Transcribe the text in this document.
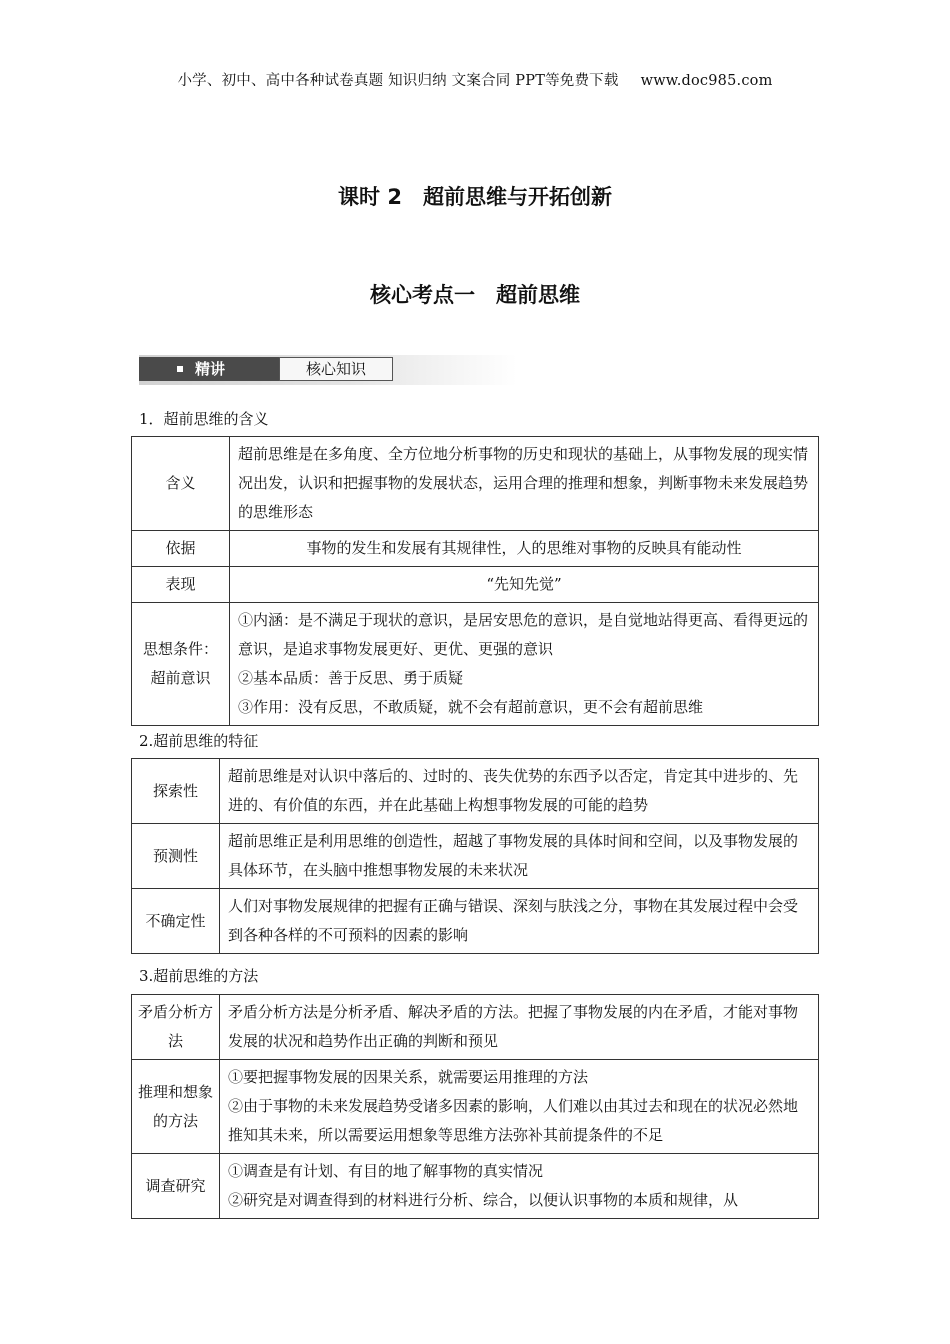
小学、初中、高中各种试卷真题 知识归纳 文案合同 PPT等免费下载 www.doc985.com
课时 2　超前思维与开拓创新
核心考点一　超前思维
精讲	核心知识
1．超前思维的含义
含义	超前思维是在多角度、全方位地分析事物的历史和现状的基础上，从事物发展的现实情况出发，认识和把握事物的发展状态，运用合理的推理和想象，判断事物未来发展趋势的思维形态
依据	事物的发生和发展有其规律性，人的思维对事物的反映具有能动性
表现	“先知先觉”
思想条件：超前意识	①内涵：是不满足于现状的意识，是居安思危的意识，是自觉地站得更高、看得更远的意识，是追求事物发展更好、更优、更强的意识
②基本品质：善于反思、勇于质疑
③作用：没有反思，不敢质疑，就不会有超前意识，更不会有超前思维
2.超前思维的特征
探索性	超前思维是对认识中落后的、过时的、丧失优势的东西予以否定，肯定其中进步的、先进的、有价值的东西，并在此基础上构想事物发展的可能的趋势
预测性	超前思维正是利用思维的创造性，超越了事物发展的具体时间和空间，以及事物发展的具体环节，在头脑中推想事物发展的未来状况
不确定性	人们对事物发展规律的把握有正确与错误、深刻与肤浅之分，事物在其发展过程中会受到各种各样的不可预料的因素的影响
3.超前思维的方法
矛盾分析方法	矛盾分析方法是分析矛盾、解决矛盾的方法。把握了事物发展的内在矛盾，才能对事物发展的状况和趋势作出正确的判断和预见
推理和想象的方法	①要把握事物发展的因果关系，就需要运用推理的方法
②由于事物的未来发展趋势受诸多因素的影响，人们难以由其过去和现在的状况必然地推知其未来，所以需要运用想象等思维方法弥补其前提条件的不足

调查研究	①调查是有计划、有目的地了解事物的真实情况
②研究是对调查得到的材料进行分析、综合，以便认识事物的本质和规律，从
